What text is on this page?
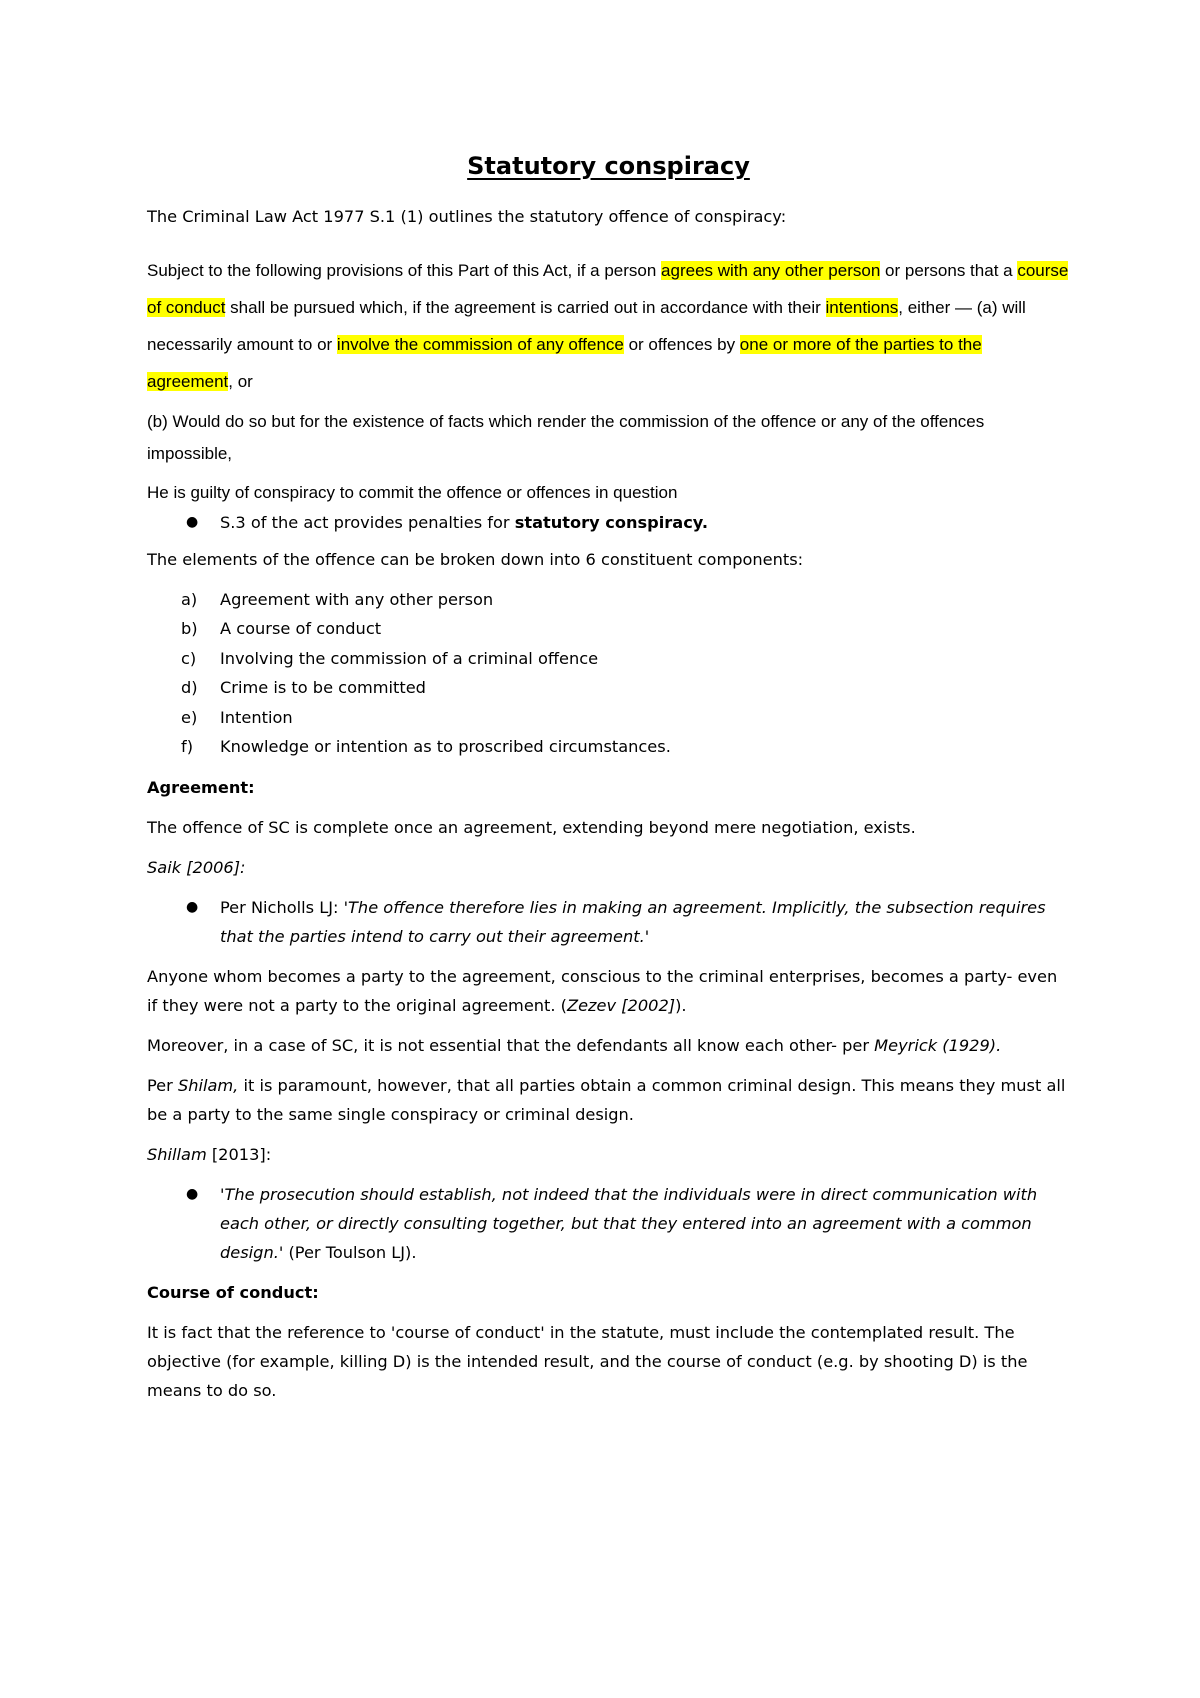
Statutory conspiracy

The Criminal Law Act 1977 S.1 (1) outlines the statutory offence of conspiracy:

Subject to the following provisions of this Part of this Act, if a person agrees with any other person or persons that a course of conduct shall be pursued which, if the agreement is carried out in accordance with their intentions, either — (a) will necessarily amount to or involve the commission of any offence or offences by one or more of the parties to the agreement, or

(b) Would do so but for the existence of facts which render the commission of the offence or any of the offences impossible,

He is guilty of conspiracy to commit the offence or offences in question

● S.3 of the act provides penalties for statutory conspiracy.

The elements of the offence can be broken down into 6 constituent components:

a) Agreement with any other person
b) A course of conduct
c) Involving the commission of a criminal offence
d) Crime is to be committed
e) Intention
f) Knowledge or intention as to proscribed circumstances.

Agreement:

The offence of SC is complete once an agreement, extending beyond mere negotiation, exists.

Saik [2006]:

● Per Nicholls LJ: 'The offence therefore lies in making an agreement. Implicitly, the subsection requires that the parties intend to carry out their agreement.'

Anyone whom becomes a party to the agreement, conscious to the criminal enterprises, becomes a party- even if they were not a party to the original agreement. (Zezev [2002]).

Moreover, in a case of SC, it is not essential that the defendants all know each other- per Meyrick (1929).

Per Shilam, it is paramount, however, that all parties obtain a common criminal design. This means they must all be a party to the same single conspiracy or criminal design.

Shillam [2013]:

● 'The prosecution should establish, not indeed that the individuals were in direct communication with each other, or directly consulting together, but that they entered into an agreement with a common design.' (Per Toulson LJ).

Course of conduct:

It is fact that the reference to 'course of conduct' in the statute, must include the contemplated result. The objective (for example, killing D) is the intended result, and the course of conduct (e.g. by shooting D) is the means to do so.
